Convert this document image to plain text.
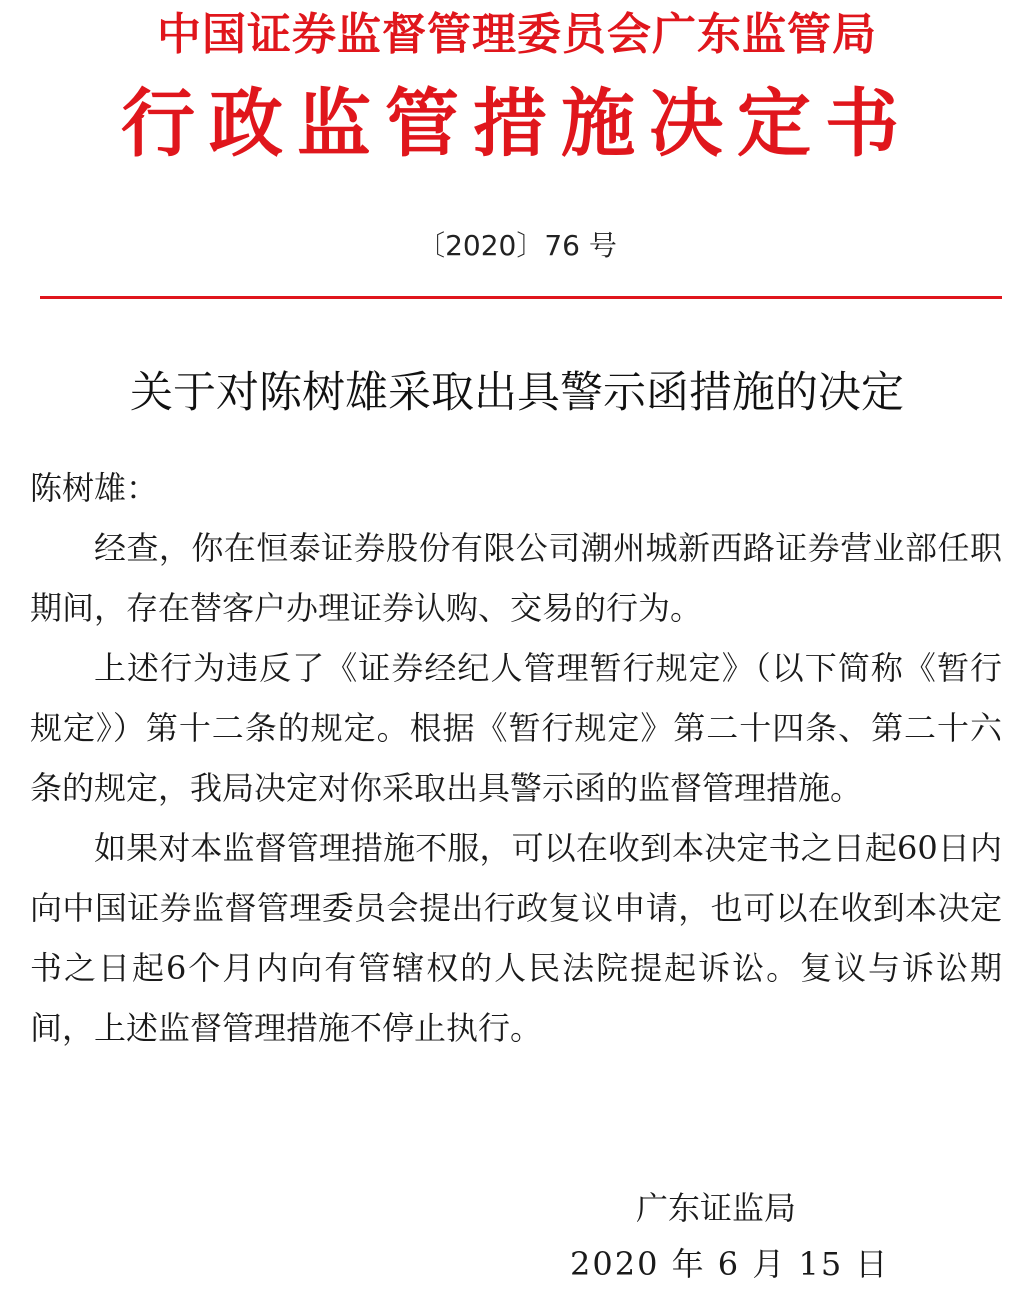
中国证券监督管理委员会广东监管局
行政监管措施决定书
〔2020〕76 号
关于对陈树雄采取出具警示函措施的决定

陈树雄：

经查，你在恒泰证券股份有限公司潮州城新西路证券营业部任职期间，存在替客户办理证券认购、交易的行为。

上述行为违反了《证券经纪人管理暂行规定》（以下简称《暂行规定》）第十二条的规定。根据《暂行规定》第二十四条、第二十六条的规定，我局决定对你采取出具警示函的监督管理措施。

如果对本监督管理措施不服，可以在收到本决定书之日起60日内向中国证券监督管理委员会提出行政复议申请，也可以在收到本决定书之日起6个月内向有管辖权的人民法院提起诉讼。复议与诉讼期间，上述监督管理措施不停止执行。

广东证监局
2020 年 6 月 15 日
